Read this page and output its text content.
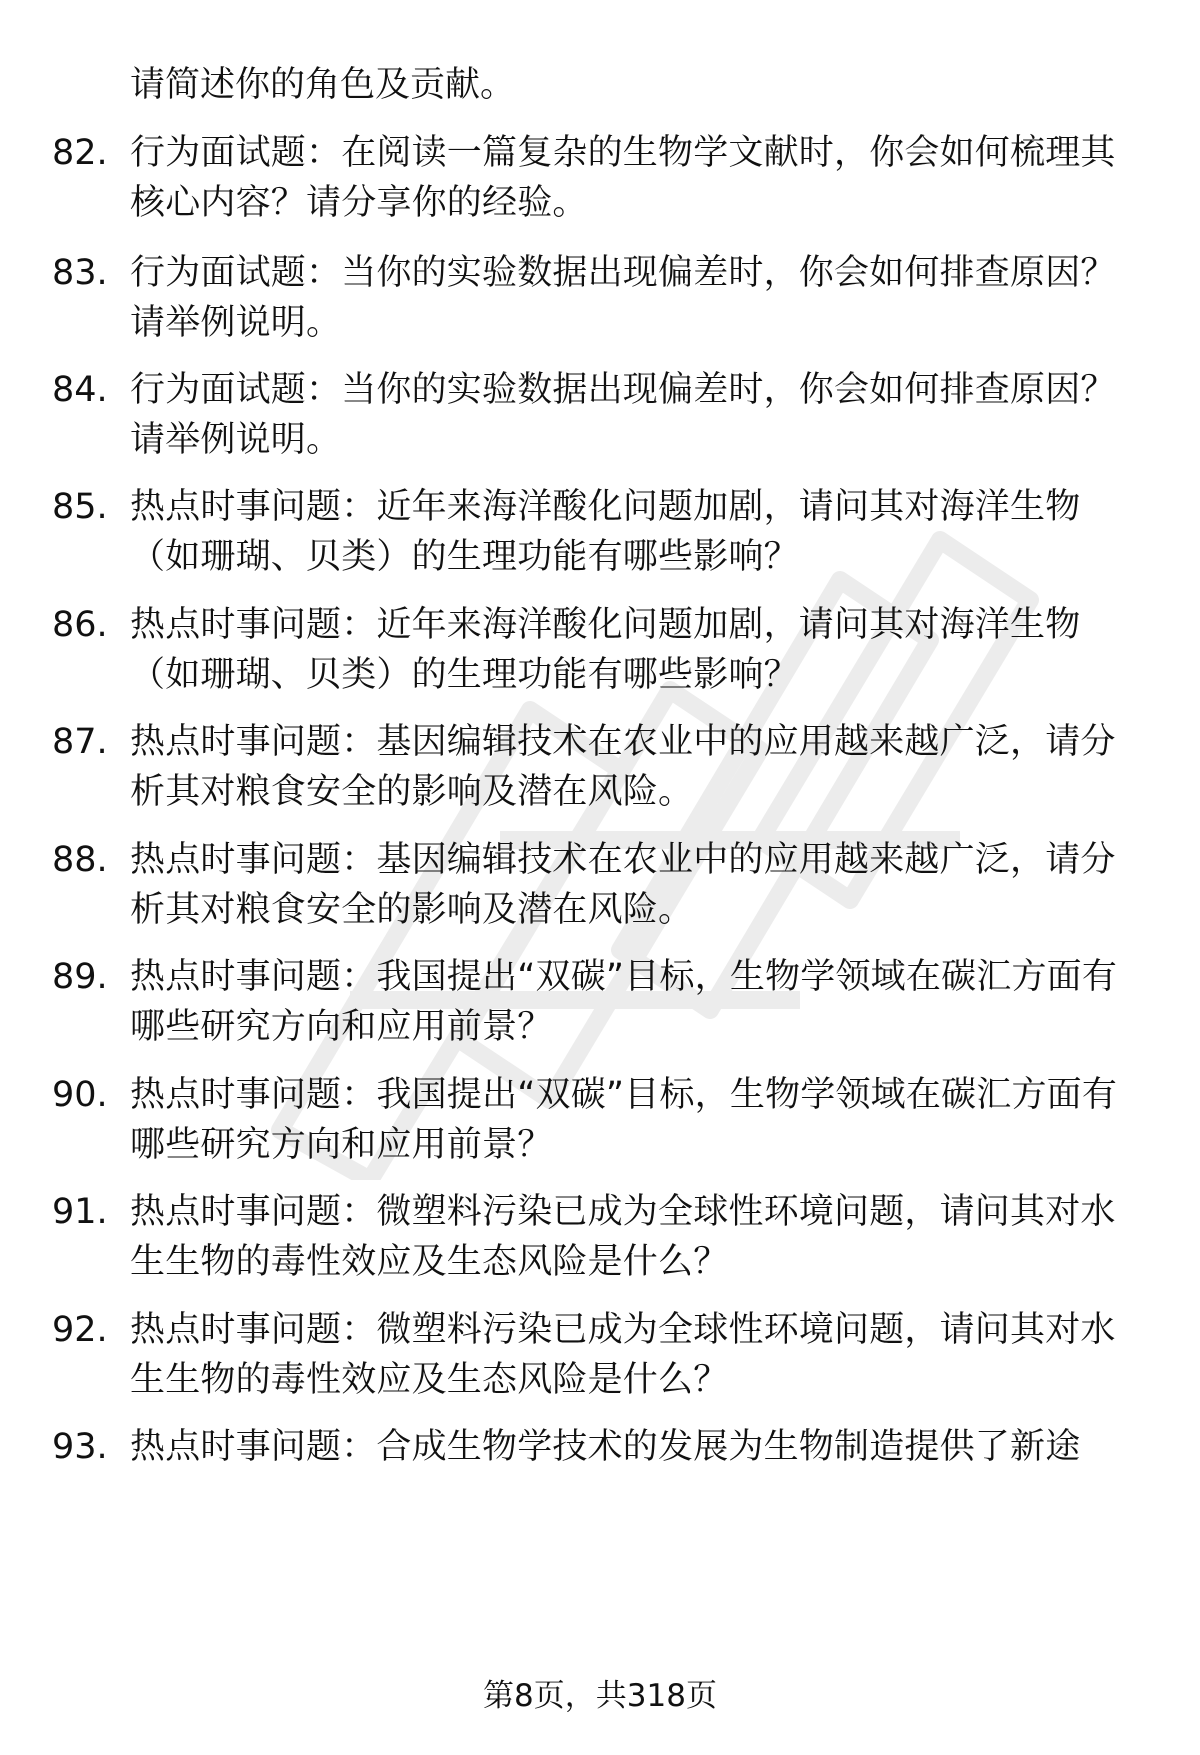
请简述你的角色及贡献。

82. 行为面试题：在阅读一篇复杂的生物学文献时，你会如何梳理其核心内容？请分享你的经验。
83. 行为面试题：当你的实验数据出现偏差时，你会如何排查原因？请举例说明。
84. 行为面试题：当你的实验数据出现偏差时，你会如何排查原因？请举例说明。
85. 热点时事问题：近年来海洋酸化问题加剧，请问其对海洋生物（如珊瑚、贝类）的生理功能有哪些影响？
86. 热点时事问题：近年来海洋酸化问题加剧，请问其对海洋生物（如珊瑚、贝类）的生理功能有哪些影响？
87. 热点时事问题：基因编辑技术在农业中的应用越来越广泛，请分析其对粮食安全的影响及潜在风险。
88. 热点时事问题：基因编辑技术在农业中的应用越来越广泛，请分析其对粮食安全的影响及潜在风险。
89. 热点时事问题：我国提出“双碳”目标，生物学领域在碳汇方面有哪些研究方向和应用前景？
90. 热点时事问题：我国提出“双碳”目标，生物学领域在碳汇方面有哪些研究方向和应用前景？
91. 热点时事问题：微塑料污染已成为全球性环境问题，请问其对水生生物的毒性效应及生态风险是什么？
92. 热点时事问题：微塑料污染已成为全球性环境问题，请问其对水生生物的毒性效应及生态风险是什么？
93. 热点时事问题：合成生物学技术的发展为生物制造提供了新途
第8页，共318页
